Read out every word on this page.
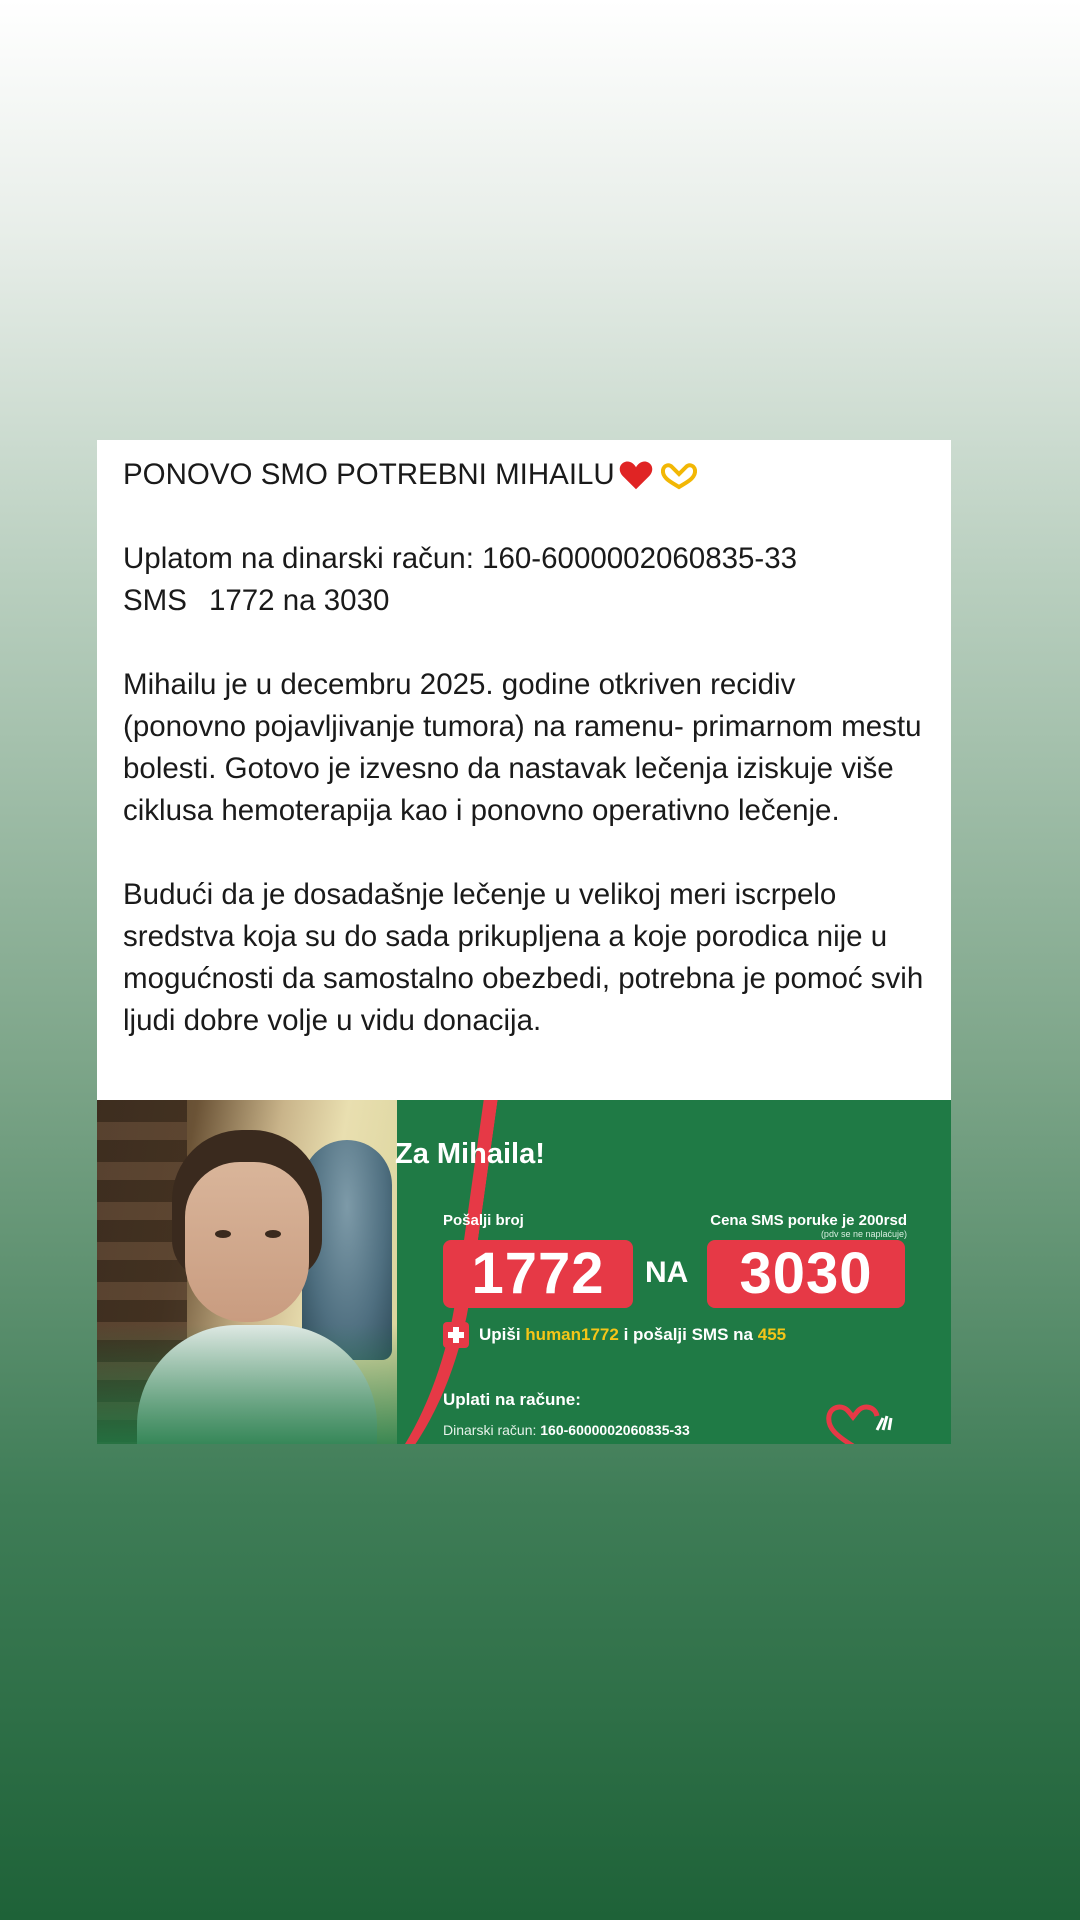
PONOVO SMO POTREBNI MIHAILU

Uplatom na dinarski račun: 160-6000002060835-33

SMS 1772 na 3030

Mihailu je u decembru 2025. godine otkriven recidiv (ponovno pojavljivanje tumora) na ramenu- primarnom mestu bolesti. Gotovo je izvesno da nastavak lečenja iziskuje više ciklusa hemoterapija kao i ponovno operativno lečenje.

Budući da je dosadašnje lečenje u velikoj meri iscrpelo sredstva koja su do sada prikupljena a koje porodica nije u mogućnosti da samostalno obezbedi, potrebna je pomoć svih ljudi dobre volje u vidu donacija.

Za Mihaila!
Pošalji broj	Cena SMS poruke je 200rsd
(pdv se ne naplaćuje)
1772	NA 3030
Upiši
human1772
i pošalji SMS na
455
Uplati na račune:
Dinarski račun: 160-6000002060835-33
